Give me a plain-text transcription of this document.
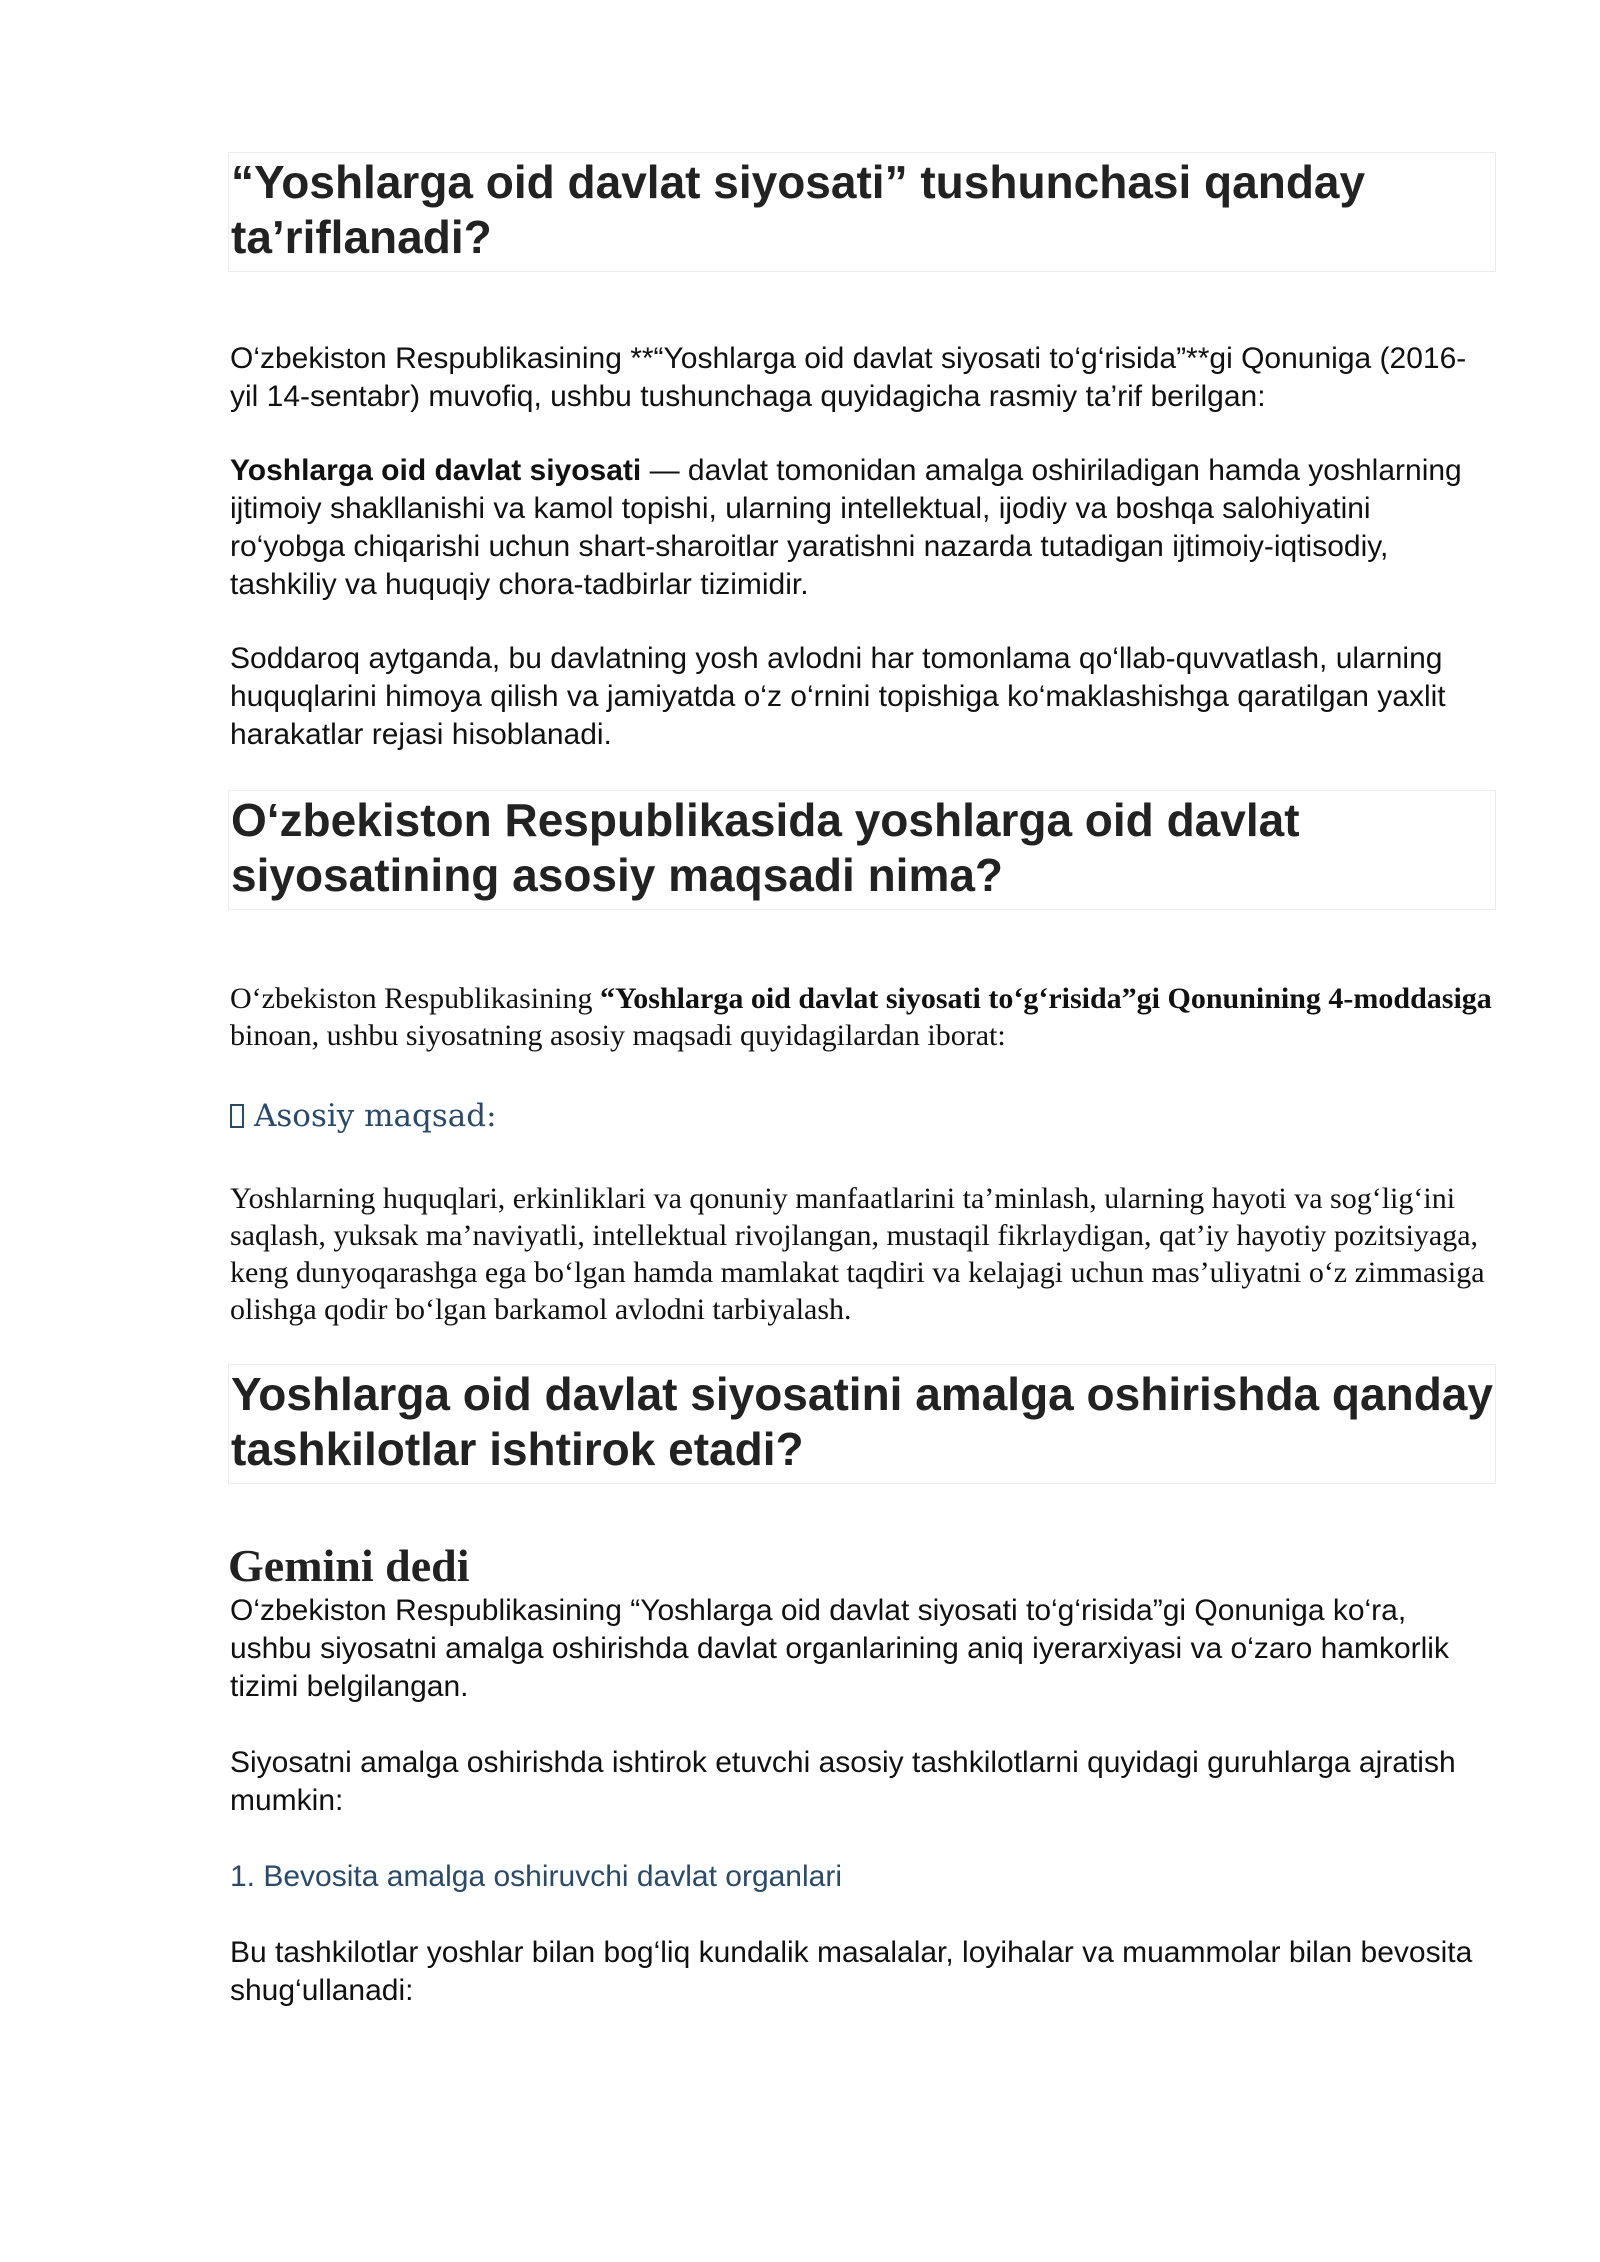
“Yoshlarga oid davlat siyosati” tushunchasi qanday ta’riflanadi?

O‘zbekiston Respublikasining **“Yoshlarga oid davlat siyosati to‘g‘risida”**gi Qonuniga (2016-yil 14-sentabr) muvofiq, ushbu tushunchaga quyidagicha rasmiy ta’rif berilgan:

Yoshlarga oid davlat siyosati — davlat tomonidan amalga oshiriladigan hamda yoshlarning ijtimoiy shakllanishi va kamol topishi, ularning intellektual, ijodiy va boshqa salohiyatini ro‘yobga chiqarishi uchun shart-sharoitlar yaratishni nazarda tutadigan ijtimoiy-iqtisodiy, tashkiliy va huquqiy chora-tadbirlar tizimidir.

Soddaroq aytganda, bu davlatning yosh avlodni har tomonlama qo‘llab-quvvatlash, ularning huquqlarini himoya qilish va jamiyatda o‘z o‘rnini topishiga ko‘maklashishga qaratilgan yaxlit harakatlar rejasi hisoblanadi.

O‘zbekiston Respublikasida yoshlarga oid davlat siyosatining asosiy maqsadi nima?

O‘zbekiston Respublikasining “Yoshlarga oid davlat siyosati to‘g‘risida”gi Qonunining 4-moddasiga binoan, ushbu siyosatning asosiy maqsadi quyidagilardan iborat:

Asosiy maqsad:

Yoshlarning huquqlari, erkinliklari va qonuniy manfaatlarini ta’minlash, ularning hayoti va sog‘lig‘ini saqlash, yuksak ma’naviyatli, intellektual rivojlangan, mustaqil fikrlaydigan, qat’iy hayotiy pozitsiyaga, keng dunyoqarashga ega bo‘lgan hamda mamlakat taqdiri va kelajagi uchun mas’uliyatni o‘z zimmasiga olishga qodir bo‘lgan barkamol avlodni tarbiyalash.

Yoshlarga oid davlat siyosatini amalga oshirishda qanday tashkilotlar ishtirok etadi?

Gemini dedi

O‘zbekiston Respublikasining “Yoshlarga oid davlat siyosati to‘g‘risida”gi Qonuniga ko‘ra, ushbu siyosatni amalga oshirishda davlat organlarining aniq iyerarxiyasi va o‘zaro hamkorlik tizimi belgilangan.

Siyosatni amalga oshirishda ishtirok etuvchi asosiy tashkilotlarni quyidagi guruhlarga ajratish mumkin:

1. Bevosita amalga oshiruvchi davlat organlari

Bu tashkilotlar yoshlar bilan bog‘liq kundalik masalalar, loyihalar va muammolar bilan bevosita shug‘ullanadi:
